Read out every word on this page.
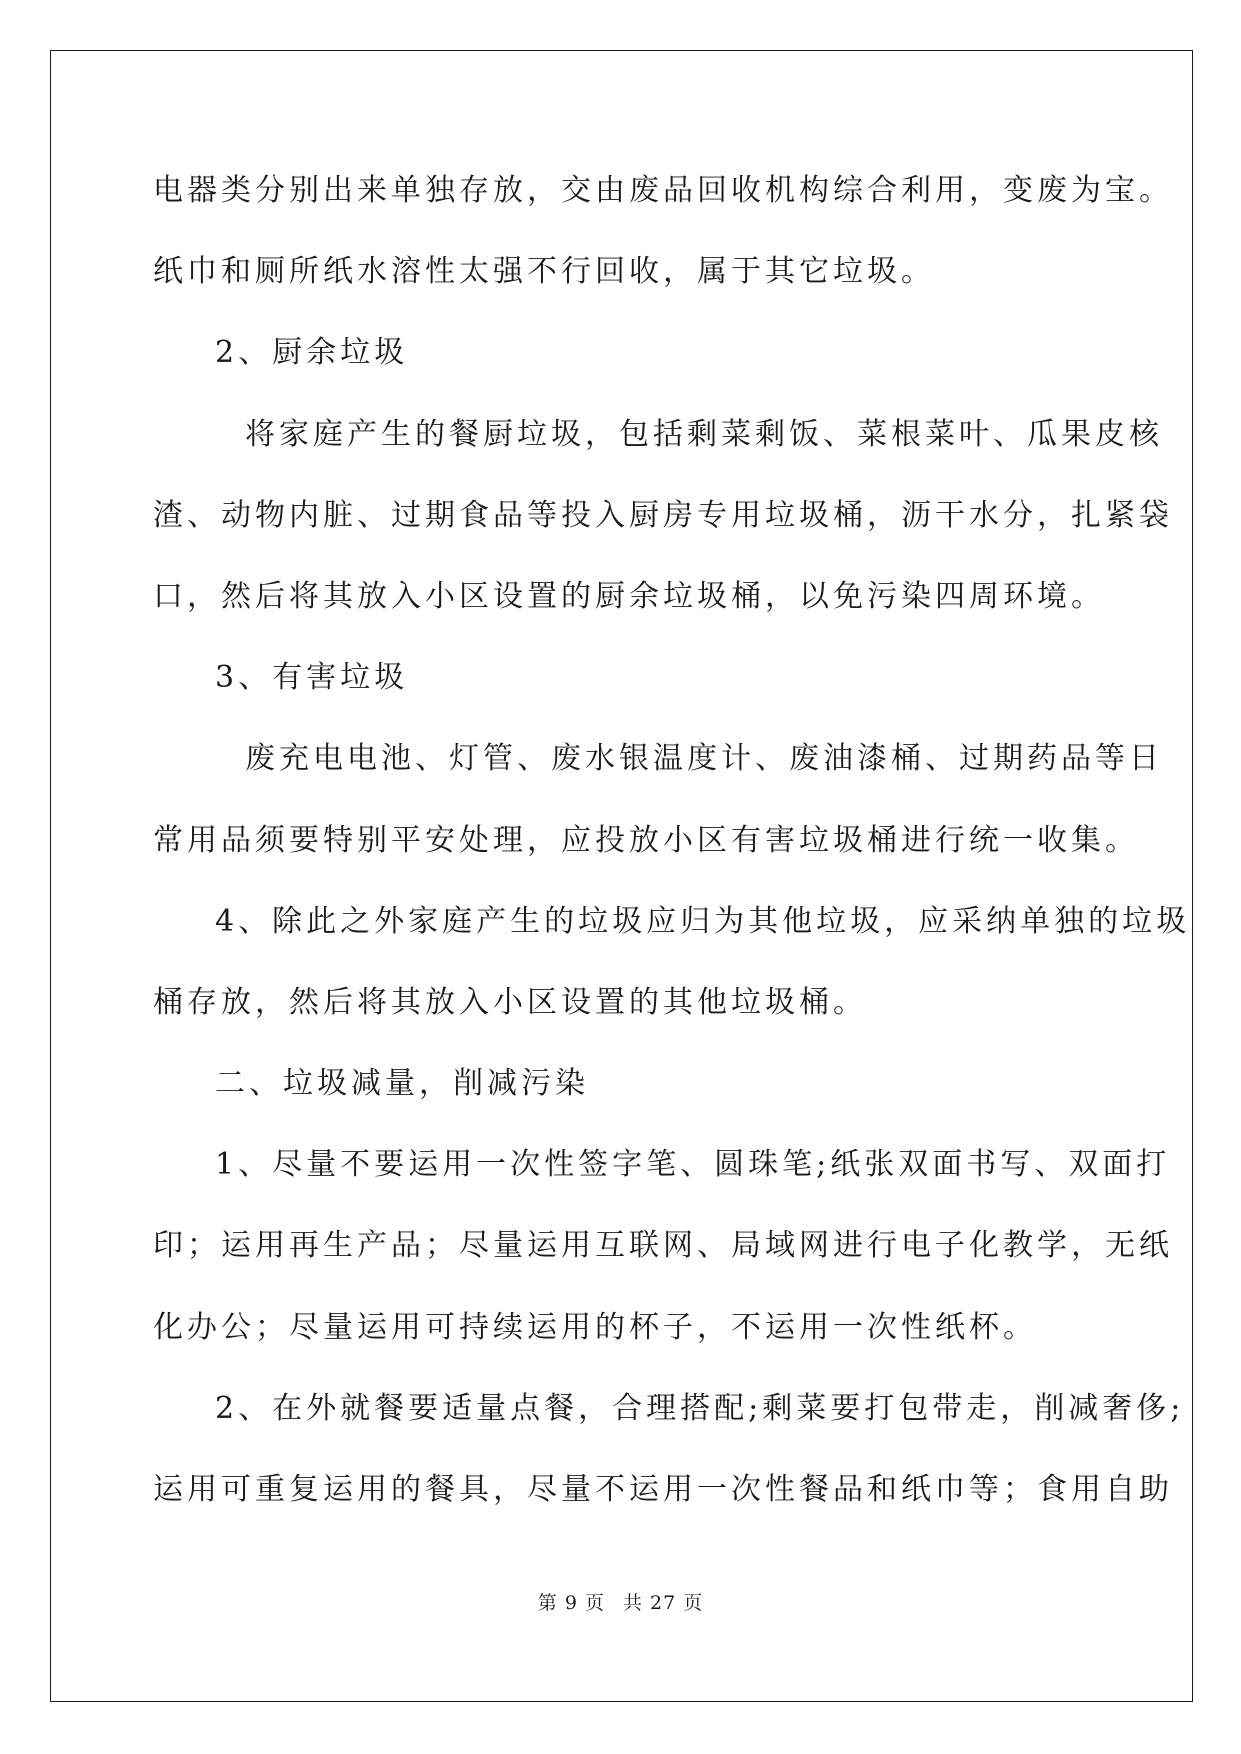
电器类分别出来单独存放，交由废品回收机构综合利用，变废为宝。

纸巾和厕所纸水溶性太强不行回收，属于其它垃圾。

2、厨余垃圾

将家庭产生的餐厨垃圾，包括剩菜剩饭、菜根菜叶、瓜果皮核

渣、动物内脏、过期食品等投入厨房专用垃圾桶，沥干水分，扎紧袋

口，然后将其放入小区设置的厨余垃圾桶，以免污染四周环境。

3、有害垃圾

废充电电池、灯管、废水银温度计、废油漆桶、过期药品等日

常用品须要特别平安处理，应投放小区有害垃圾桶进行统一收集。

4、除此之外家庭产生的垃圾应归为其他垃圾，应采纳单独的垃圾

桶存放，然后将其放入小区设置的其他垃圾桶。

二、垃圾减量，削减污染

1、尽量不要运用一次性签字笔、圆珠笔;纸张双面书写、双面打

印；运用再生产品；尽量运用互联网、局域网进行电子化教学，无纸

化办公；尽量运用可持续运用的杯子，不运用一次性纸杯。

2、在外就餐要适量点餐，合理搭配;剩菜要打包带走，削减奢侈;

运用可重复运用的餐具，尽量不运用一次性餐品和纸巾等；食用自助

第 9 页 共 27 页
